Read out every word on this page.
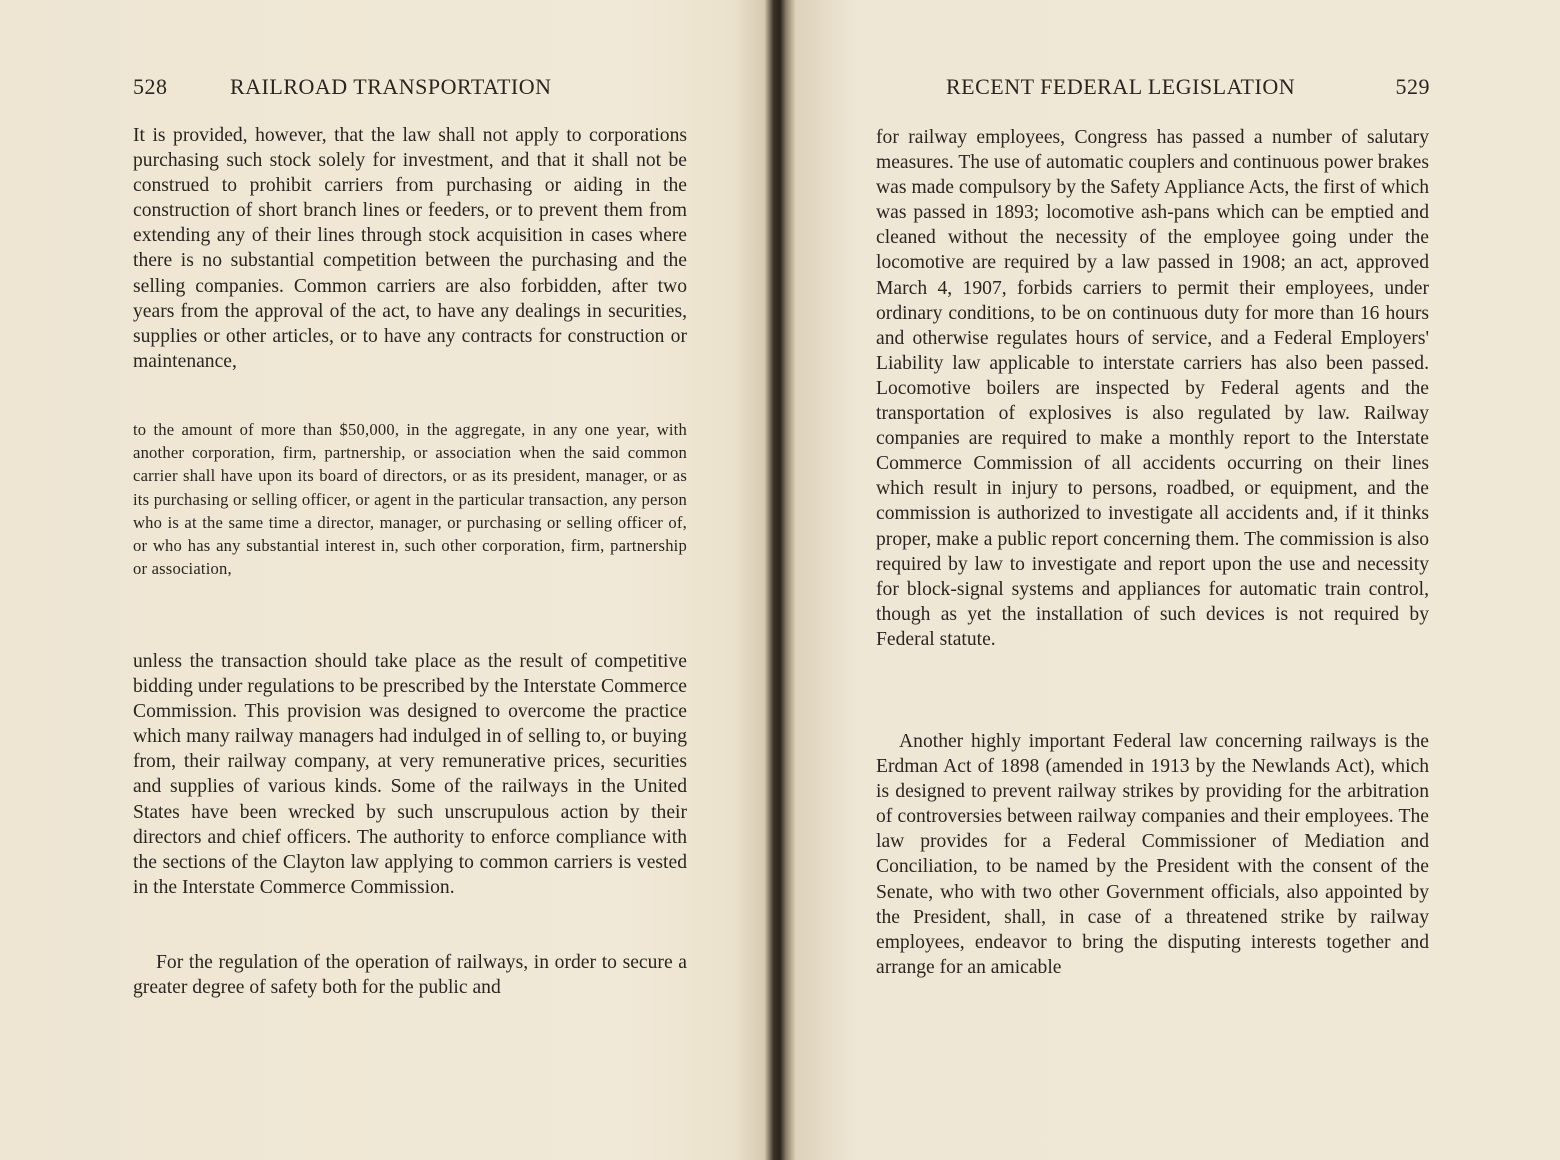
528	RAILROAD TRANSPORTATION

It is provided, however, that the law shall not apply to corporations purchasing such stock solely for investment, and that it shall not be construed to prohibit carriers from purchasing or aiding in the construction of short branch lines or feeders, or to prevent them from extending any of their lines through stock acquisition in cases where there is no substantial competition between the purchasing and the selling companies. Common carriers are also forbidden, after two years from the approval of the act, to have any dealings in securities, supplies or other articles, or to have any contracts for construction or maintenance,

to the amount of more than $50,000, in the aggregate, in any one year, with another corporation, firm, partnership, or association when the said common carrier shall have upon its board of directors, or as its president, manager, or as its purchasing or selling officer, or agent in the particular transaction, any person who is at the same time a director, manager, or purchasing or selling officer of, or who has any substantial interest in, such other corporation, firm, partnership or association,

unless the transaction should take place as the result of competitive bidding under regulations to be prescribed by the Interstate Commerce Commission. This provision was designed to overcome the practice which many railway managers had indulged in of selling to, or buying from, their railway company, at very remunerative prices, securities and supplies of various kinds. Some of the railways in the United States have been wrecked by such unscrupulous action by their directors and chief officers. The authority to enforce compliance with the sections of the Clayton law applying to common carriers is vested in the Interstate Commerce Commission.

For the regulation of the operation of railways, in order to secure a greater degree of safety both for the public and

RECENT FEDERAL LEGISLATION	529

for railway employees, Congress has passed a number of salutary measures. The use of automatic couplers and continuous power brakes was made compulsory by the Safety Appliance Acts, the first of which was passed in 1893; locomotive ash-pans which can be emptied and cleaned without the necessity of the employee going under the locomotive are required by a law passed in 1908; an act, approved March 4, 1907, forbids carriers to permit their employees, under ordinary conditions, to be on continuous duty for more than 16 hours and otherwise regulates hours of service, and a Federal Employers' Liability law applicable to interstate carriers has also been passed. Locomotive boilers are inspected by Federal agents and the transportation of explosives is also regulated by law. Railway companies are required to make a monthly report to the Interstate Commerce Commission of all accidents occurring on their lines which result in injury to persons, roadbed, or equipment, and the commission is authorized to investigate all accidents and, if it thinks proper, make a public report concerning them. The commission is also required by law to investigate and report upon the use and necessity for block-signal systems and appliances for automatic train control, though as yet the installation of such devices is not required by Federal statute.

Another highly important Federal law concerning railways is the Erdman Act of 1898 (amended in 1913 by the Newlands Act), which is designed to prevent railway strikes by providing for the arbitration of controversies between railway companies and their employees. The law provides for a Federal Commissioner of Mediation and Conciliation, to be named by the President with the consent of the Senate, who with two other Government officials, also appointed by the President, shall, in case of a threatened strike by railway employees, endeavor to bring the disputing interests together and arrange for an amicable
